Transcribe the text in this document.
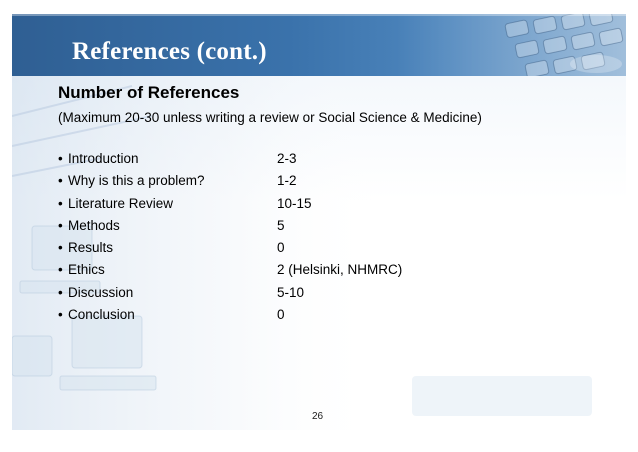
References (cont.)
Number of References
(Maximum 20-30 unless writing a review or Social Science & Medicine)
• Introduction	2-3
• Why is this a problem?	1-2
• Literature Review	10-15
• Methods	5
• Results	0
• Ethics	2 (Helsinki, NHMRC)
• Discussion	5-10
• Conclusion	0
26
